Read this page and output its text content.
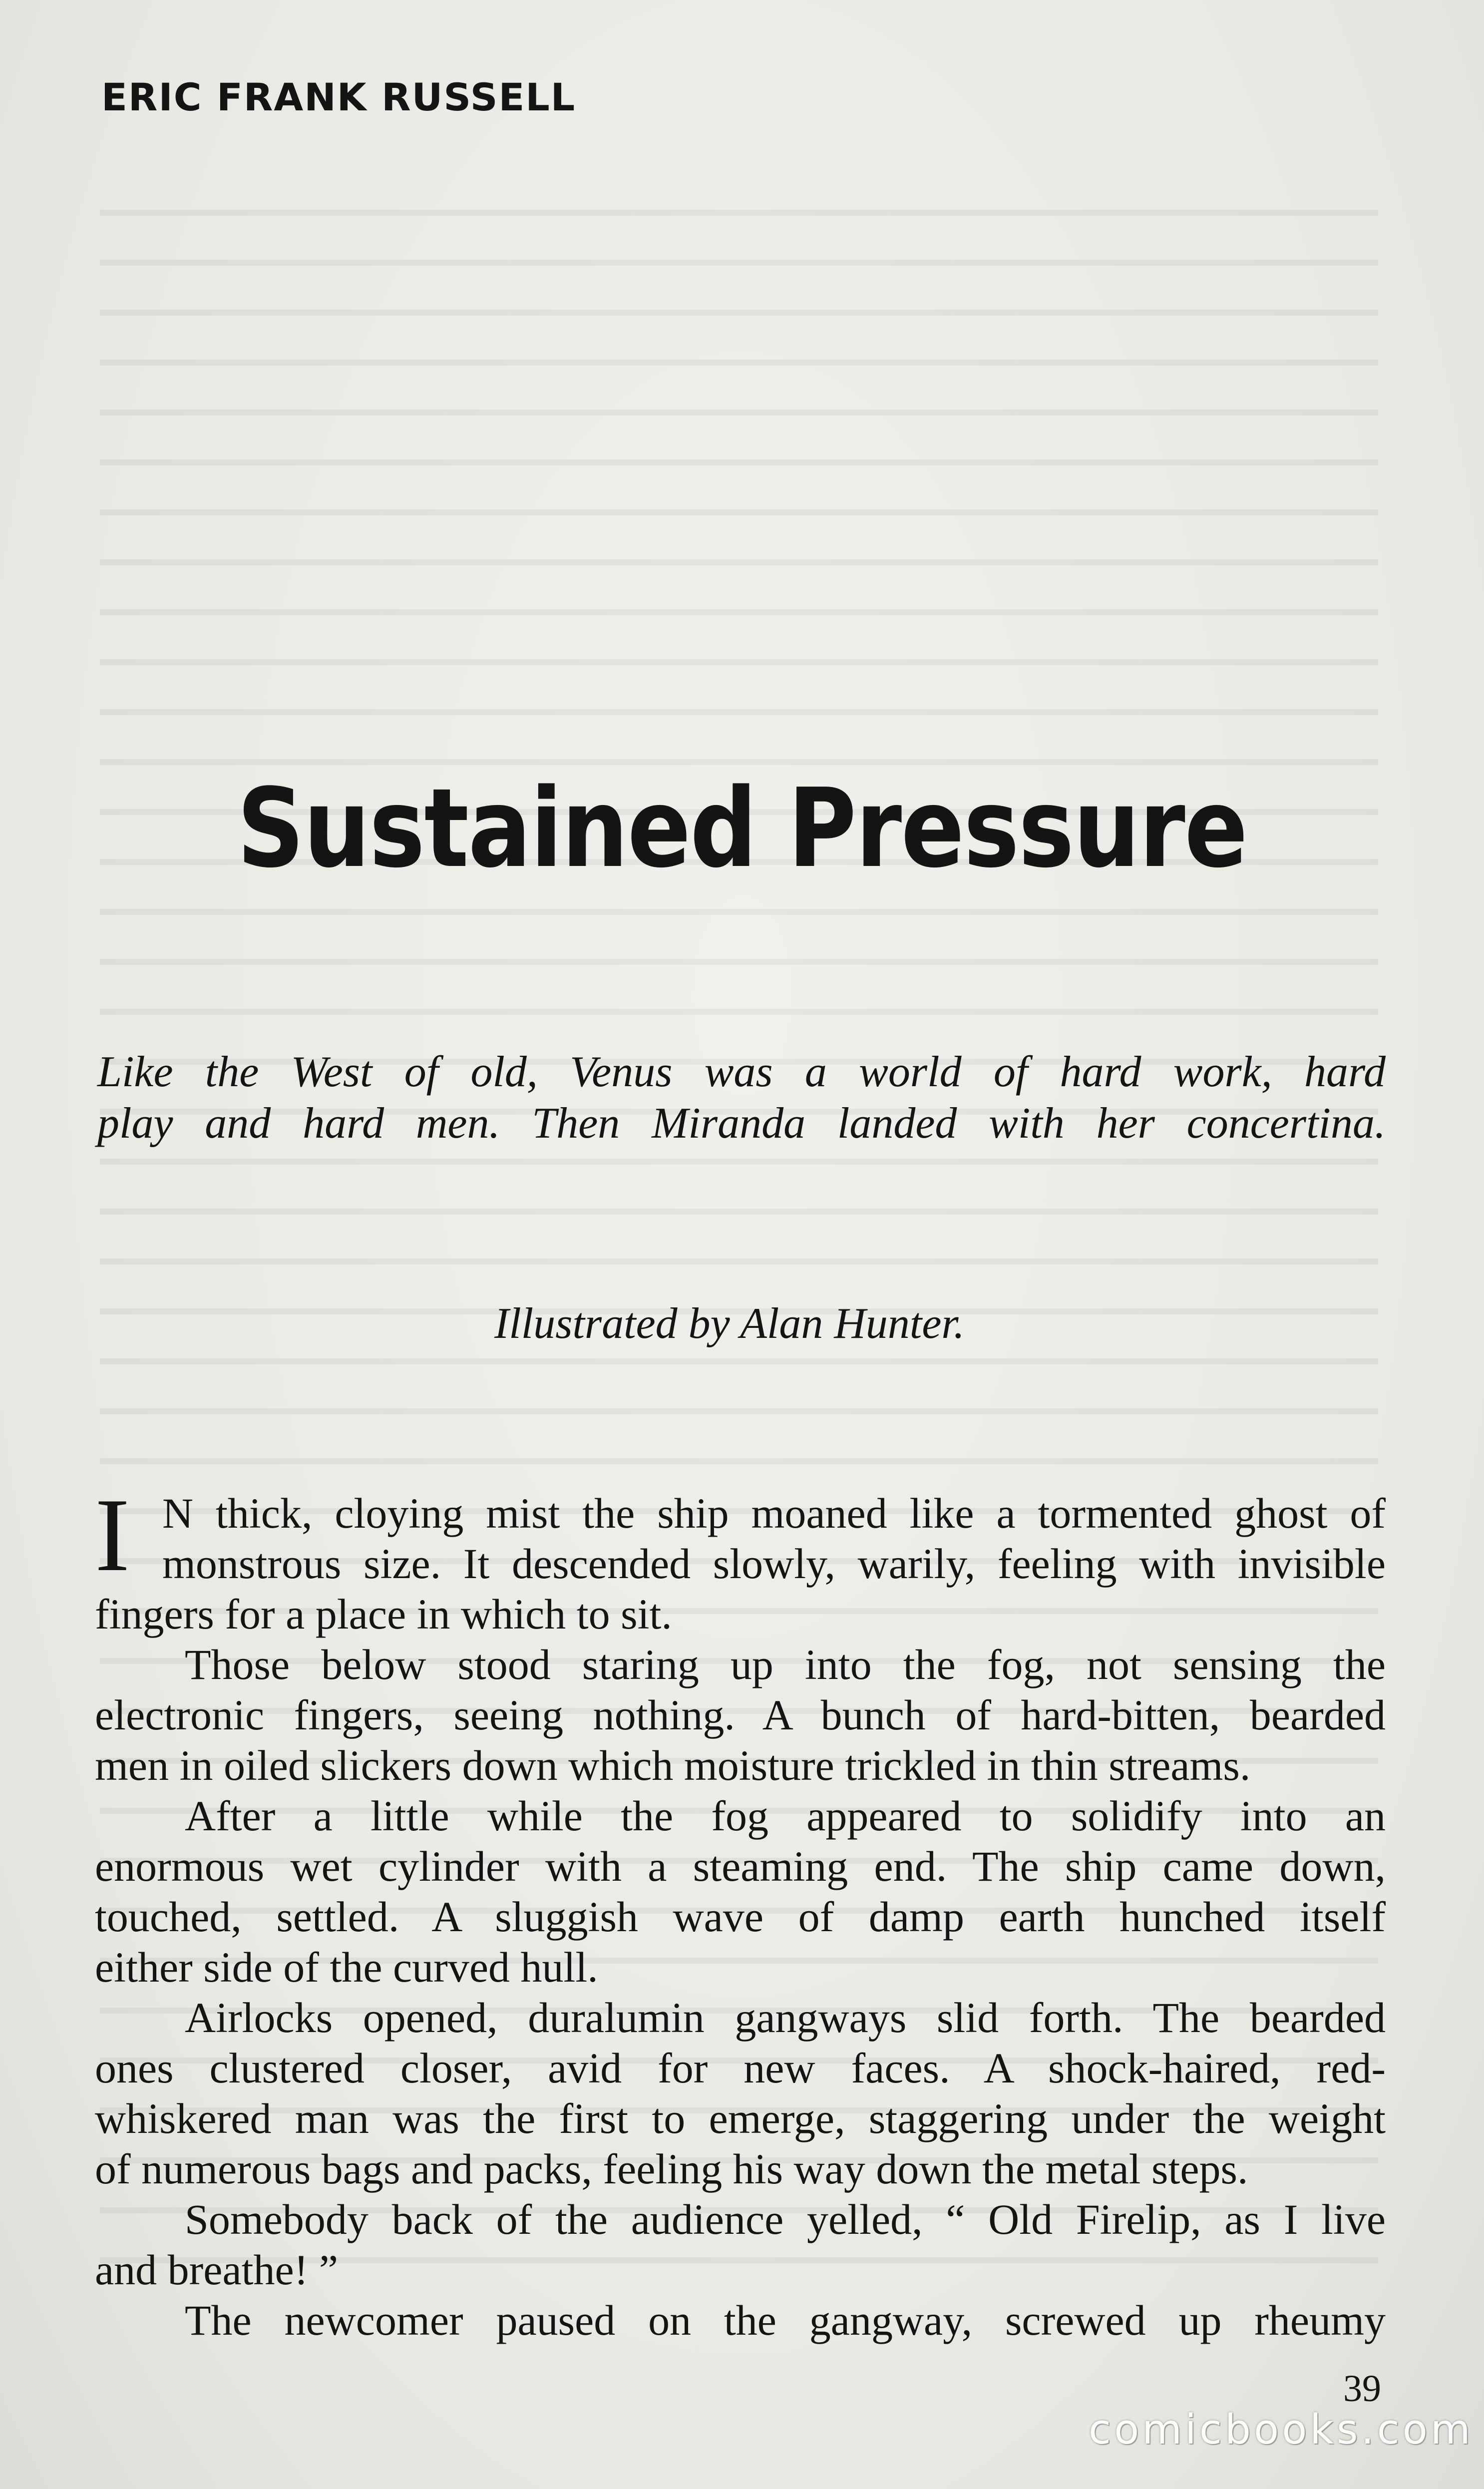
ERIC FRANK RUSSELL
Sustained Pressure
Like the West of old, Venus was a world of hard work, hard
play and hard men. Then Miranda landed with her concertina.
Illustrated by Alan Hunter.
I N thick, cloying mist the ship moaned like a tormented ghost of
monstrous size. It descended slowly, warily, feeling with invisible
fingers for a place in which to sit.
Those below stood staring up into the fog, not sensing the
electronic fingers, seeing nothing. A bunch of hard-bitten, bearded
men in oiled slickers down which moisture trickled in thin streams.
After a little while the fog appeared to solidify into an
enormous wet cylinder with a steaming end. The ship came down,
touched, settled. A sluggish wave of damp earth hunched itself
either side of the curved hull.
Airlocks opened, duralumin gangways slid forth. The bearded
ones clustered closer, avid for new faces. A shock-haired, red-
whiskered man was the first to emerge, staggering under the weight
of numerous bags and packs, feeling his way down the metal steps.
Somebody back of the audience yelled, “ Old Firelip, as I live
and breathe! ”
The newcomer paused on the gangway, screwed up rheumy
39
comicbooks.com
